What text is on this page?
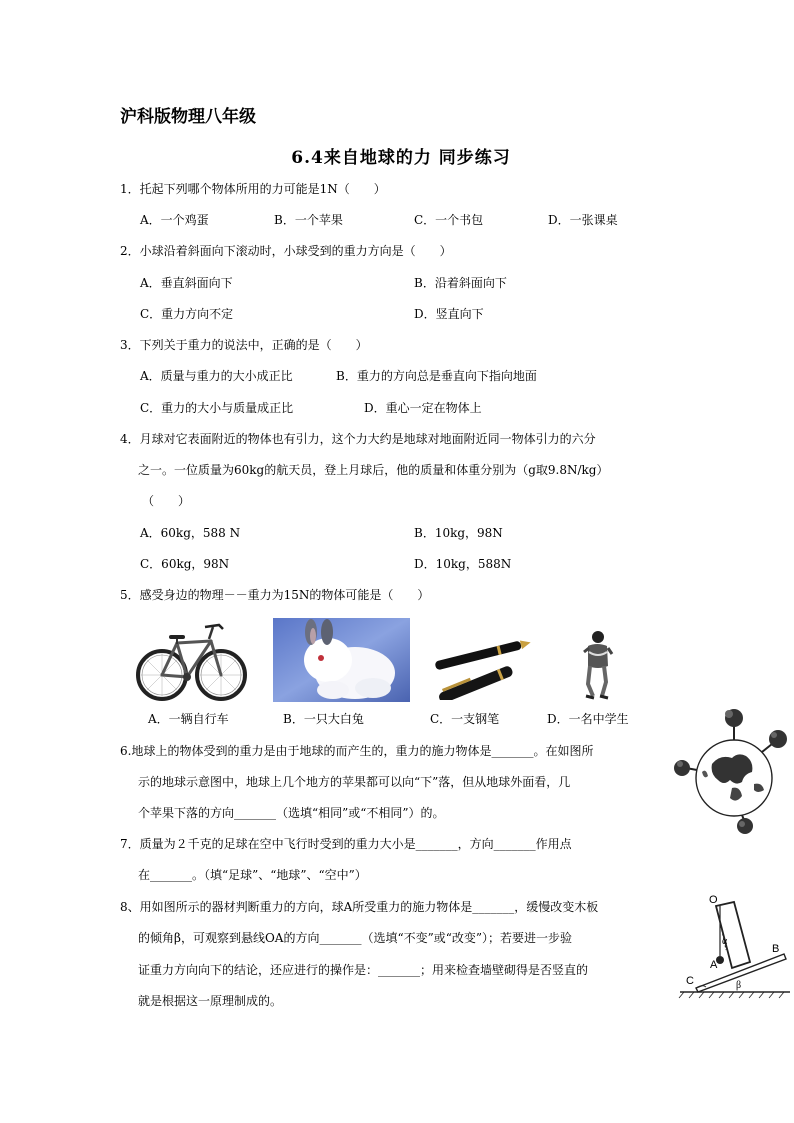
沪科版物理八年级
6.4来自地球的力 同步练习
1．托起下列哪个物体所用的力可能是1N（　　）
A．一个鸡蛋	B．一个苹果	C．一个书包	D．一张课桌
2．小球沿着斜面向下滚动时，小球受到的重力方向是（　　）
A．垂直斜面向下	B．沿着斜面向下
C．重力方向不定	D．竖直向下
3．下列关于重力的说法中，正确的是（　　）
A．质量与重力的大小成正比	B．重力的方向总是垂直向下指向地面
C．重力的大小与质量成正比	D．重心一定在物体上
4．月球对它表面附近的物体也有引力，这个力大约是地球对地面附近同一物体引力的六分
之一。一位质量为60kg的航天员，登上月球后，他的质量和体重分别为（g取9.8N/kg）
（　　）
A．60kg，588 N	B．10kg，98N
C．60kg，98N	D．10kg，588N
5．感受身边的物理－－重力为15N的物体可能是（　　）
A．一辆自行车	B．一只大白兔	C．一支钢笔	D．一名中学生
6.地球上的物体受到的重力是由于地球的而产生的，重力的施力物体是_______。在如图所
示的地球示意图中，地球上几个地方的苹果都可以向“下”落，但从地球外面看，几
个苹果下落的方向_______（选填“相同”或“不相同”）的。
7．质量为２千克的足球在空中飞行时受到的重力大小是_______，方向_______作用点
在_______。（填“足球”、“地球”、“空中”）
O
α
A
B
C	β
8、用如图所示的器材判断重力的方向，球A所受重力的施力物体是_______，缓慢改变木板
的倾角β，可观察到悬线OA的方向_______（选填“不变”或“改变”）；若要进一步验
证重力方向向下的结论，还应进行的操作是：_______；用来检查墙壁砌得是否竖直的
就是根据这一原理制成的。
